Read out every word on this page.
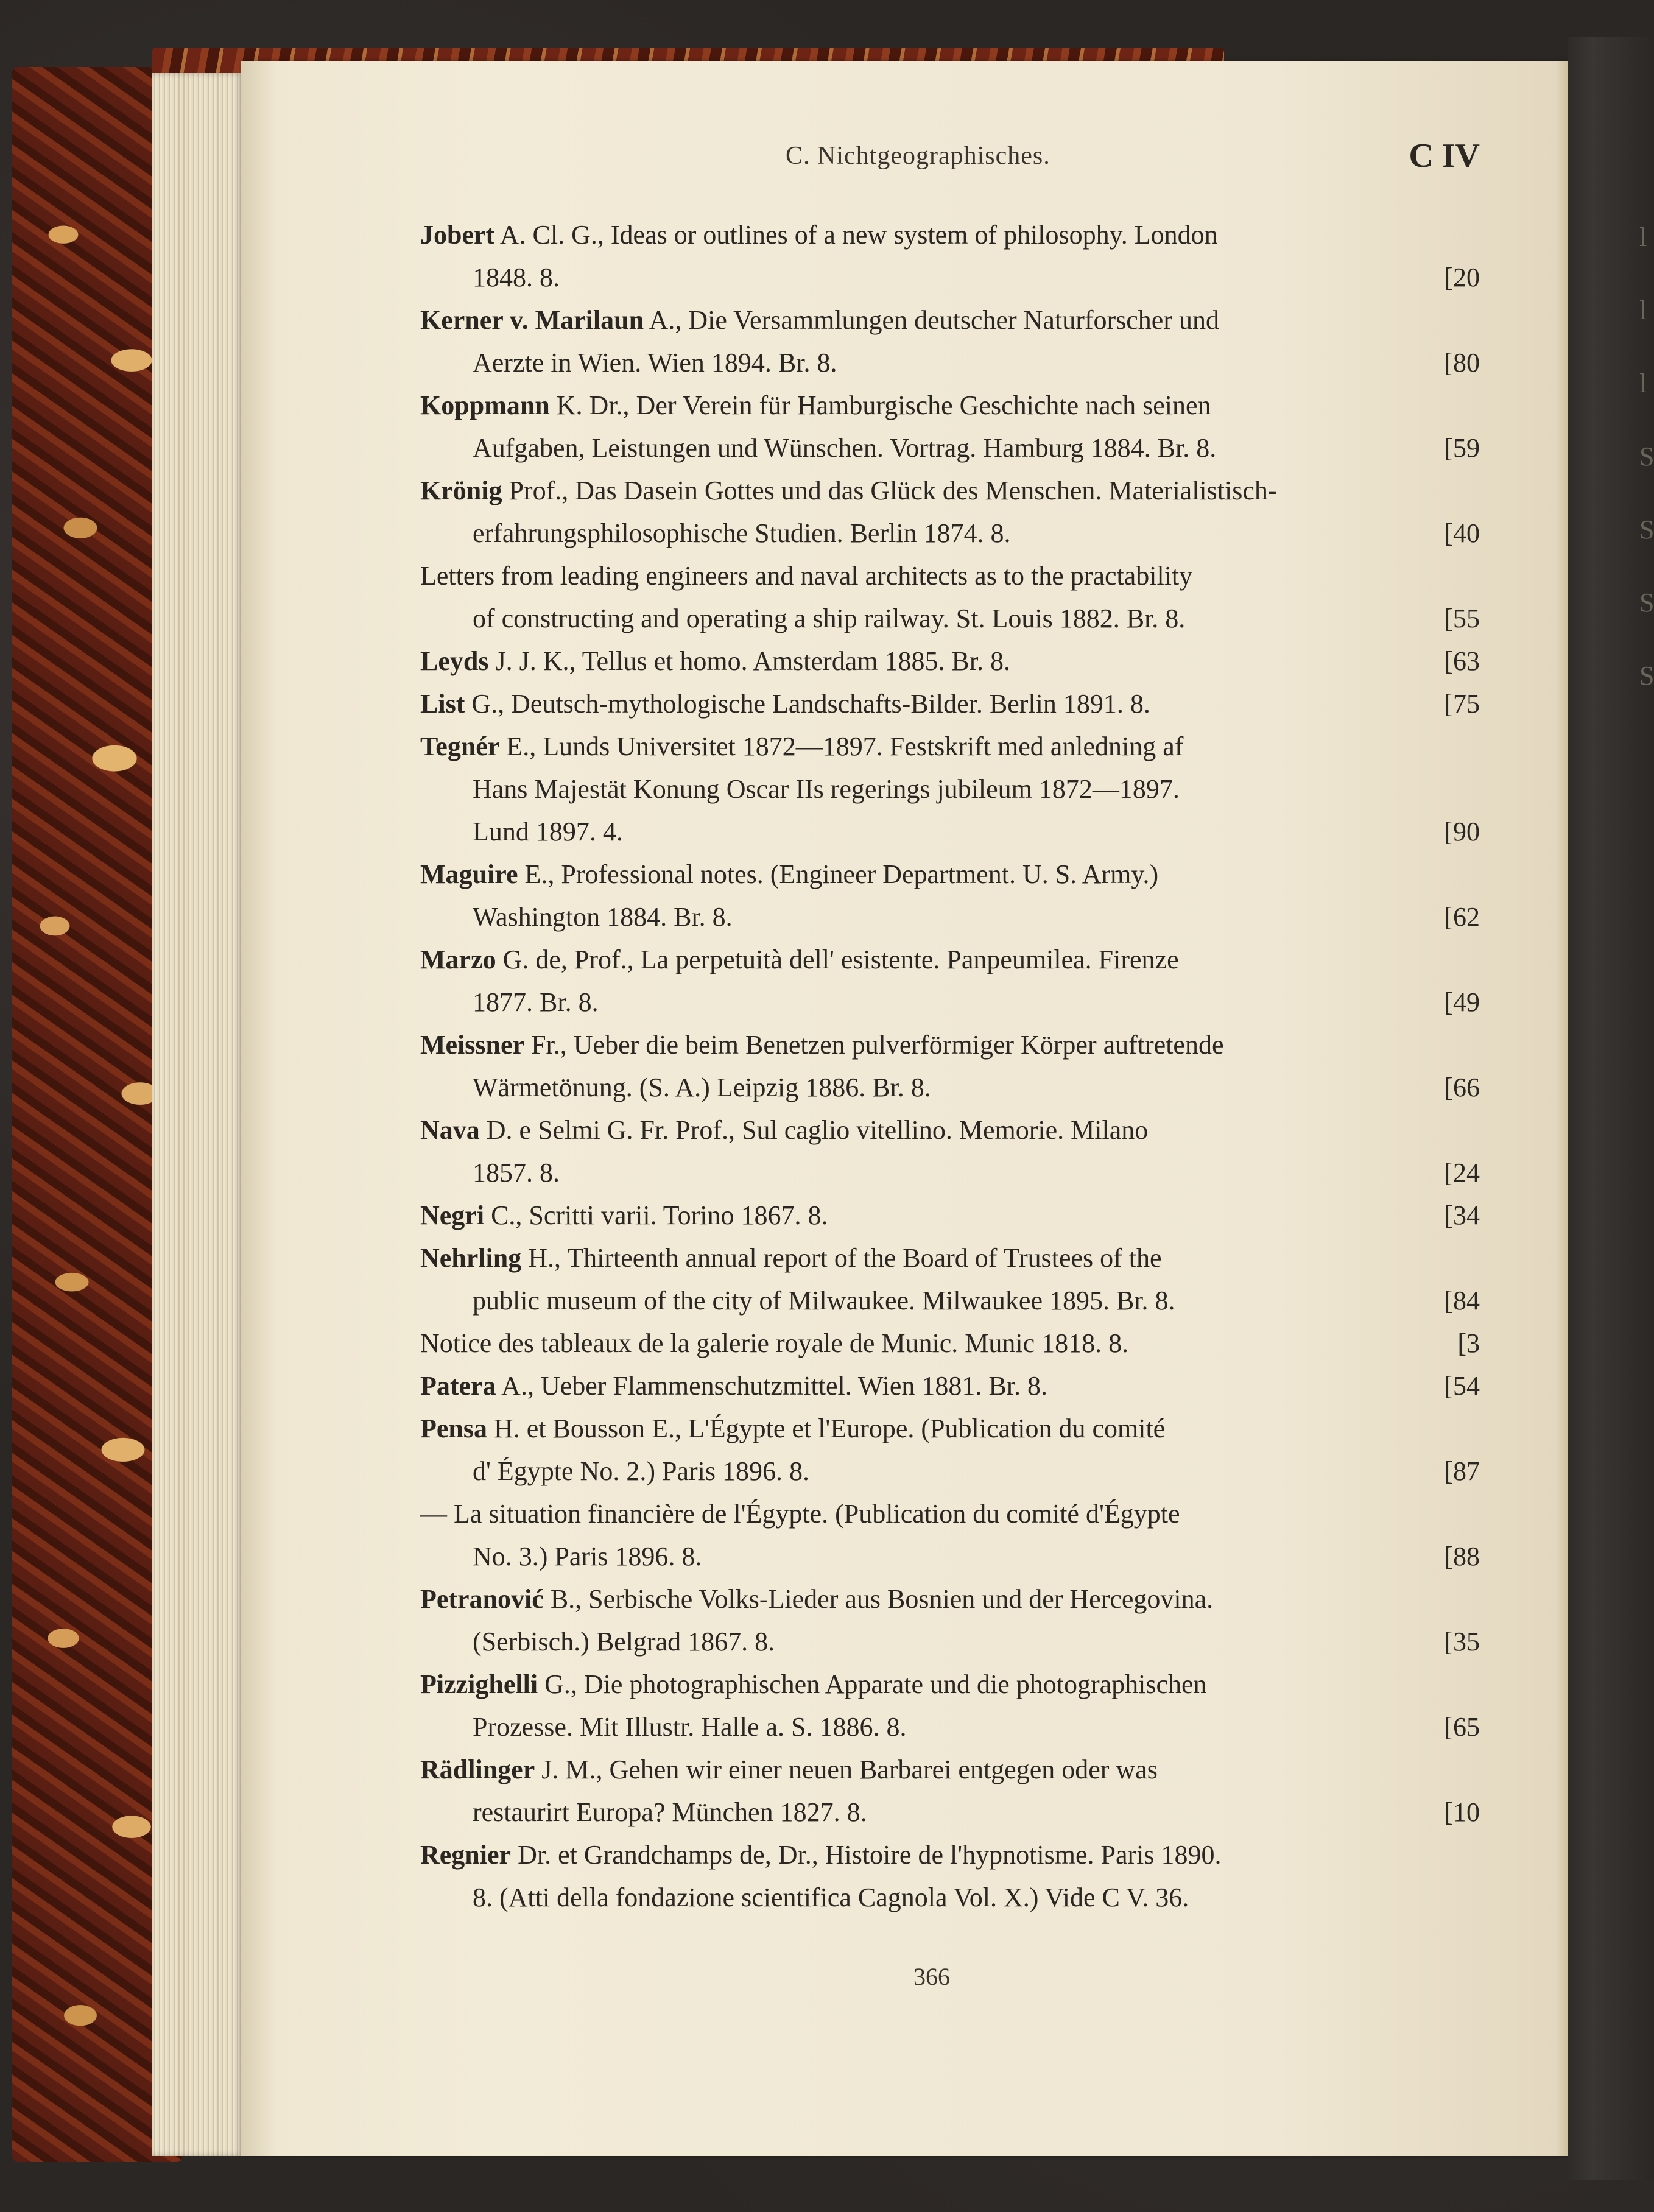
l
l
l
S
S
S
S
C. Nichtgeographisches.	C IV
Jobert A. Cl. G., Ideas or outlines of a new system of philosophy. London
1848. 8.	[20
Kerner v. Marilaun A., Die Versammlungen deutscher Naturforscher und
Aerzte in Wien. Wien 1894. Br. 8.	[80
Koppmann K. Dr., Der Verein für Hamburgische Geschichte nach seinen
Aufgaben, Leistungen und Wünschen. Vortrag. Hamburg 1884. Br. 8.	[59
Krönig Prof., Das Dasein Gottes und das Glück des Menschen. Materialistisch-
erfahrungsphilosophische Studien. Berlin 1874. 8.	[40
Letters from leading engineers and naval architects as to the practability
of constructing and operating a ship railway. St. Louis 1882. Br. 8.	[55
Leyds J. J. K., Tellus et homo. Amsterdam 1885. Br. 8.	[63
List G., Deutsch-mythologische Landschafts-Bilder. Berlin 1891. 8.	[75
Tegnér E., Lunds Universitet 1872—1897. Festskrift med anledning af
Hans Majestät Konung Oscar IIs regerings jubileum 1872—1897.
Lund 1897. 4.	[90
Maguire E., Professional notes. (Engineer Department. U. S. Army.)
Washington 1884. Br. 8.	[62
Marzo G. de, Prof., La perpetuità dell' esistente. Panpeumilea. Firenze
1877. Br. 8.	[49
Meissner Fr., Ueber die beim Benetzen pulverförmiger Körper auftretende
Wärmetönung. (S. A.) Leipzig 1886. Br. 8.	[66
Nava D. e Selmi G. Fr. Prof., Sul caglio vitellino. Memorie. Milano
1857. 8.	[24
Negri C., Scritti varii. Torino 1867. 8.	[34
Nehrling H., Thirteenth annual report of the Board of Trustees of the
public museum of the city of Milwaukee. Milwaukee 1895. Br. 8.	[84
Notice des tableaux de la galerie royale de Munic. Munic 1818. 8.	[3
Patera A., Ueber Flammenschutzmittel. Wien 1881. Br. 8.	[54
Pensa H. et Bousson E., L'Égypte et l'Europe. (Publication du comité
d' Égypte No. 2.) Paris 1896. 8.	[87
— La situation financière de l'Égypte. (Publication du comité d'Égypte
No. 3.) Paris 1896. 8.	[88
Petranović B., Serbische Volks-Lieder aus Bosnien und der Hercegovina.
(Serbisch.) Belgrad 1867. 8.	[35
Pizzighelli G., Die photographischen Apparate und die photographischen
Prozesse. Mit Illustr. Halle a. S. 1886. 8.	[65
Rädlinger J. M., Gehen wir einer neuen Barbarei entgegen oder was
restaurirt Europa? München 1827. 8.	[10
Regnier Dr. et Grandchamps de, Dr., Histoire de l'hypnotisme. Paris 1890.
8. (Atti della fondazione scientifica Cagnola Vol. X.) Vide C V. 36.
366
